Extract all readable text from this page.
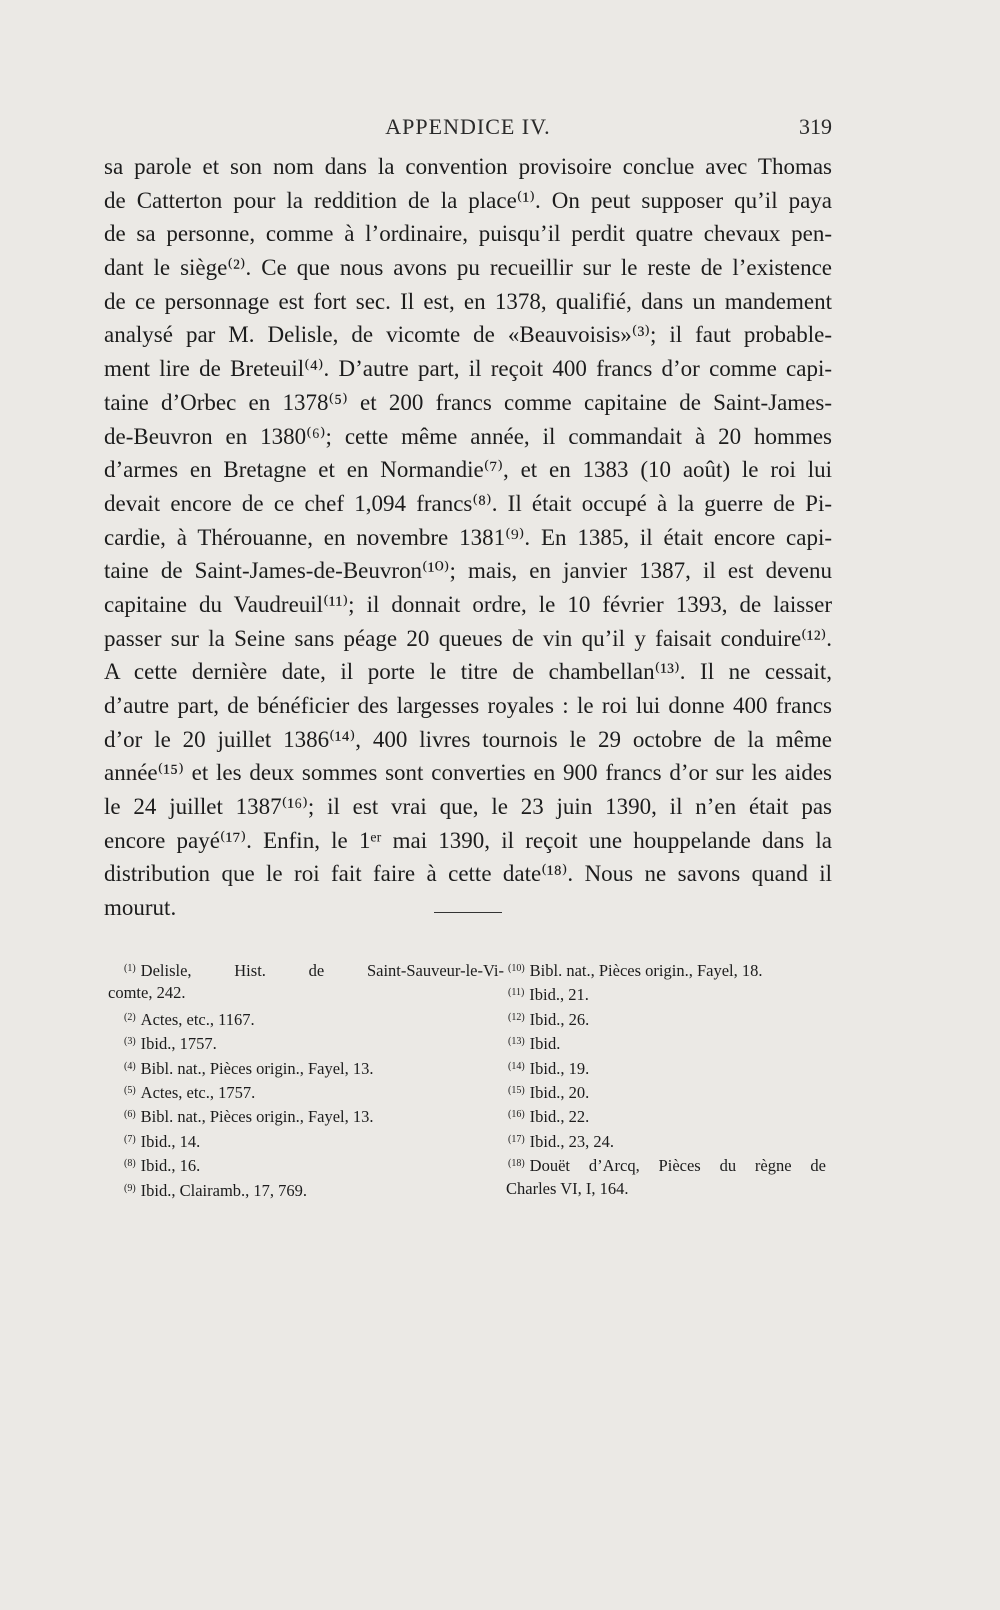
APPENDICE IV.	319
sa parole et son nom dans la convention provisoire conclue avec Thomas
de Catterton pour la reddition de la place⁽¹⁾. On peut supposer qu’il paya
de sa personne, comme à l’ordinaire, puisqu’il perdit quatre chevaux pen-
dant le siège⁽²⁾. Ce que nous avons pu recueillir sur le reste de l’existence
de ce personnage est fort sec. Il est, en 1378, qualifié, dans un mandement
analysé par M. Delisle, de vicomte de «Beauvoisis»⁽³⁾; il faut probable-
ment lire de Breteuil⁽⁴⁾. D’autre part, il reçoit 400 francs d’or comme capi-
taine d’Orbec en 1378⁽⁵⁾ et 200 francs comme capitaine de Saint-James-
de-Beuvron en 1380⁽⁶⁾; cette même année, il commandait à 20 hommes
d’armes en Bretagne et en Normandie⁽⁷⁾, et en 1383 (10 août) le roi lui
devait encore de ce chef 1,094 francs⁽⁸⁾. Il était occupé à la guerre de Pi-
cardie, à Thérouanne, en novembre 1381⁽⁹⁾. En 1385, il était encore capi-
taine de Saint-James-de-Beuvron⁽¹⁰⁾; mais, en janvier 1387, il est devenu
capitaine du Vaudreuil⁽¹¹⁾; il donnait ordre, le 10 février 1393, de laisser
passer sur la Seine sans péage 20 queues de vin qu’il y faisait conduire⁽¹²⁾.
A cette dernière date, il porte le titre de chambellan⁽¹³⁾. Il ne cessait,
d’autre part, de bénéficier des largesses royales : le roi lui donne 400 francs
d’or le 20 juillet 1386⁽¹⁴⁾, 400 livres tournois le 29 octobre de la même
année⁽¹⁵⁾ et les deux sommes sont converties en 900 francs d’or sur les aides
le 24 juillet 1387⁽¹⁶⁾; il est vrai que, le 23 juin 1390, il n’en était pas
encore payé⁽¹⁷⁾. Enfin, le 1ᵉʳ mai 1390, il reçoit une houppelande dans la
distribution que le roi fait faire à cette date⁽¹⁸⁾. Nous ne savons quand il
mourut.
$^{(1)}$ Delisle, Hist. de Saint-Sauveur-le-Vi-
comte, 242.
$^{(2)}$ Actes, etc., 1167.
$^{(3)}$ Ibid., 1757.
$^{(4)}$ Bibl. nat., Pièces origin., Fayel, 13.
$^{(5)}$ Actes, etc., 1757.
$^{(6)}$ Bibl. nat., Pièces origin., Fayel, 13.
$^{(7)}$ Ibid., 14.
$^{(8)}$ Ibid., 16.
$^{(9)}$ Ibid., Clairamb., 17, 769.
$^{(10)}$ Bibl. nat., Pièces origin., Fayel, 18.
$^{(11)}$ Ibid., 21.
$^{(12)}$ Ibid., 26.
$^{(13)}$ Ibid.
$^{(14)}$ Ibid., 19.
$^{(15)}$ Ibid., 20.
$^{(16)}$ Ibid., 22.
$^{(17)}$ Ibid., 23, 24.
$^{(18)}$ Douët d’Arcq, Pièces du règne de
Charles VI, I, 164.
